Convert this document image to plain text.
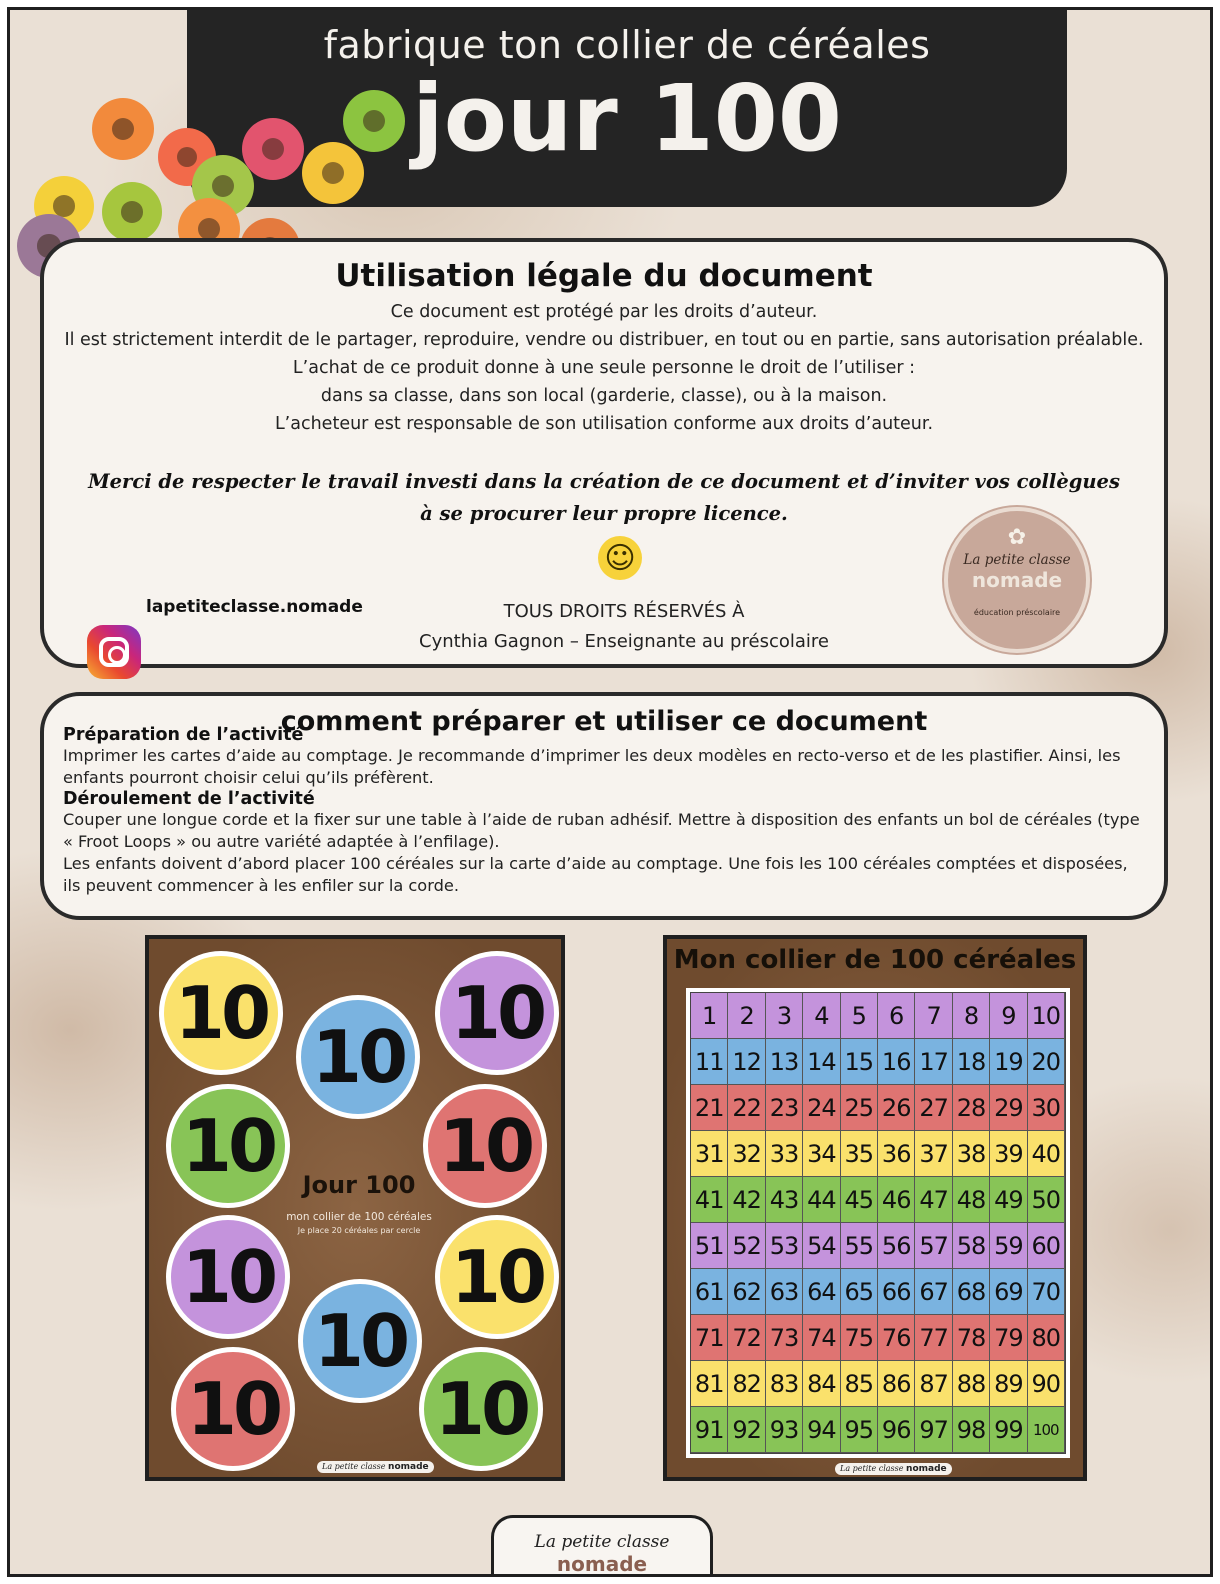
fabrique ton collier de céréales
jour 100
Utilisation légale du document
Ce document est protégé par les droits d’auteur.
Il est strictement interdit de le partager, reproduire, vendre ou distribuer, en tout ou en partie, sans autorisation préalable.
L’achat de ce produit donne à une seule personne le droit de l’utiliser :
dans sa classe, dans son local (garderie, classe), ou à la maison.
L’acheteur est responsable de son utilisation conforme aux droits d’auteur.
Merci de respecter le travail investi dans la création de ce document et d’inviter vos collègues
à se procurer leur propre licence.
☺
lapetiteclasse.nomade	TOUS DROITS RÉSERVÉS À
Cynthia Gagnon – Enseignante au préscolaire
✿
La petite classe
nomade
éducation préscolaire
comment préparer et utiliser ce document
Préparation de l’activité

Imprimer les cartes d’aide au comptage. Je recommande d’imprimer les deux modèles en recto-verso et de les plastifier. Ainsi, les enfants pourront choisir celui qu’ils préfèrent.

Déroulement de l’activité

Couper une longue corde et la fixer sur une table à l’aide de ruban adhésif. Mettre à disposition des enfants un bol de céréales (type « Froot Loops » ou autre variété adaptée à l’enfilage).

Les enfants doivent d’abord placer 100 céréales sur la carte d’aide au comptage. Une fois les 100 céréales comptées et disposées, ils peuvent commencer à les enfiler sur la corde.

10
10
10
10 10
10 10
10
10 10
Jour 100
mon collier de 100 céréales
Je place 20 céréales par cercle
La petite classe nomade
Mon collier de 100 céréales
1 2 3 4 5 6 7 8 9 10
11 12 13 14 15 16 17 18 19 20
21 22 23 24 25 26 27 28 29 30
31 32 33 34 35 36 37 38 39 40
41 42 43 44 45 46 47 48 49 50
51 52 53 54 55 56 57 58 59 60
61 62 63 64 65 66 67 68 69 70
71 72 73 74 75 76 77 78 79 80
81 82 83 84 85 86 87 88 89 90
91 92 93 94 95 96 97 98 99 100
La petite classe nomade
La petite classe nomade
